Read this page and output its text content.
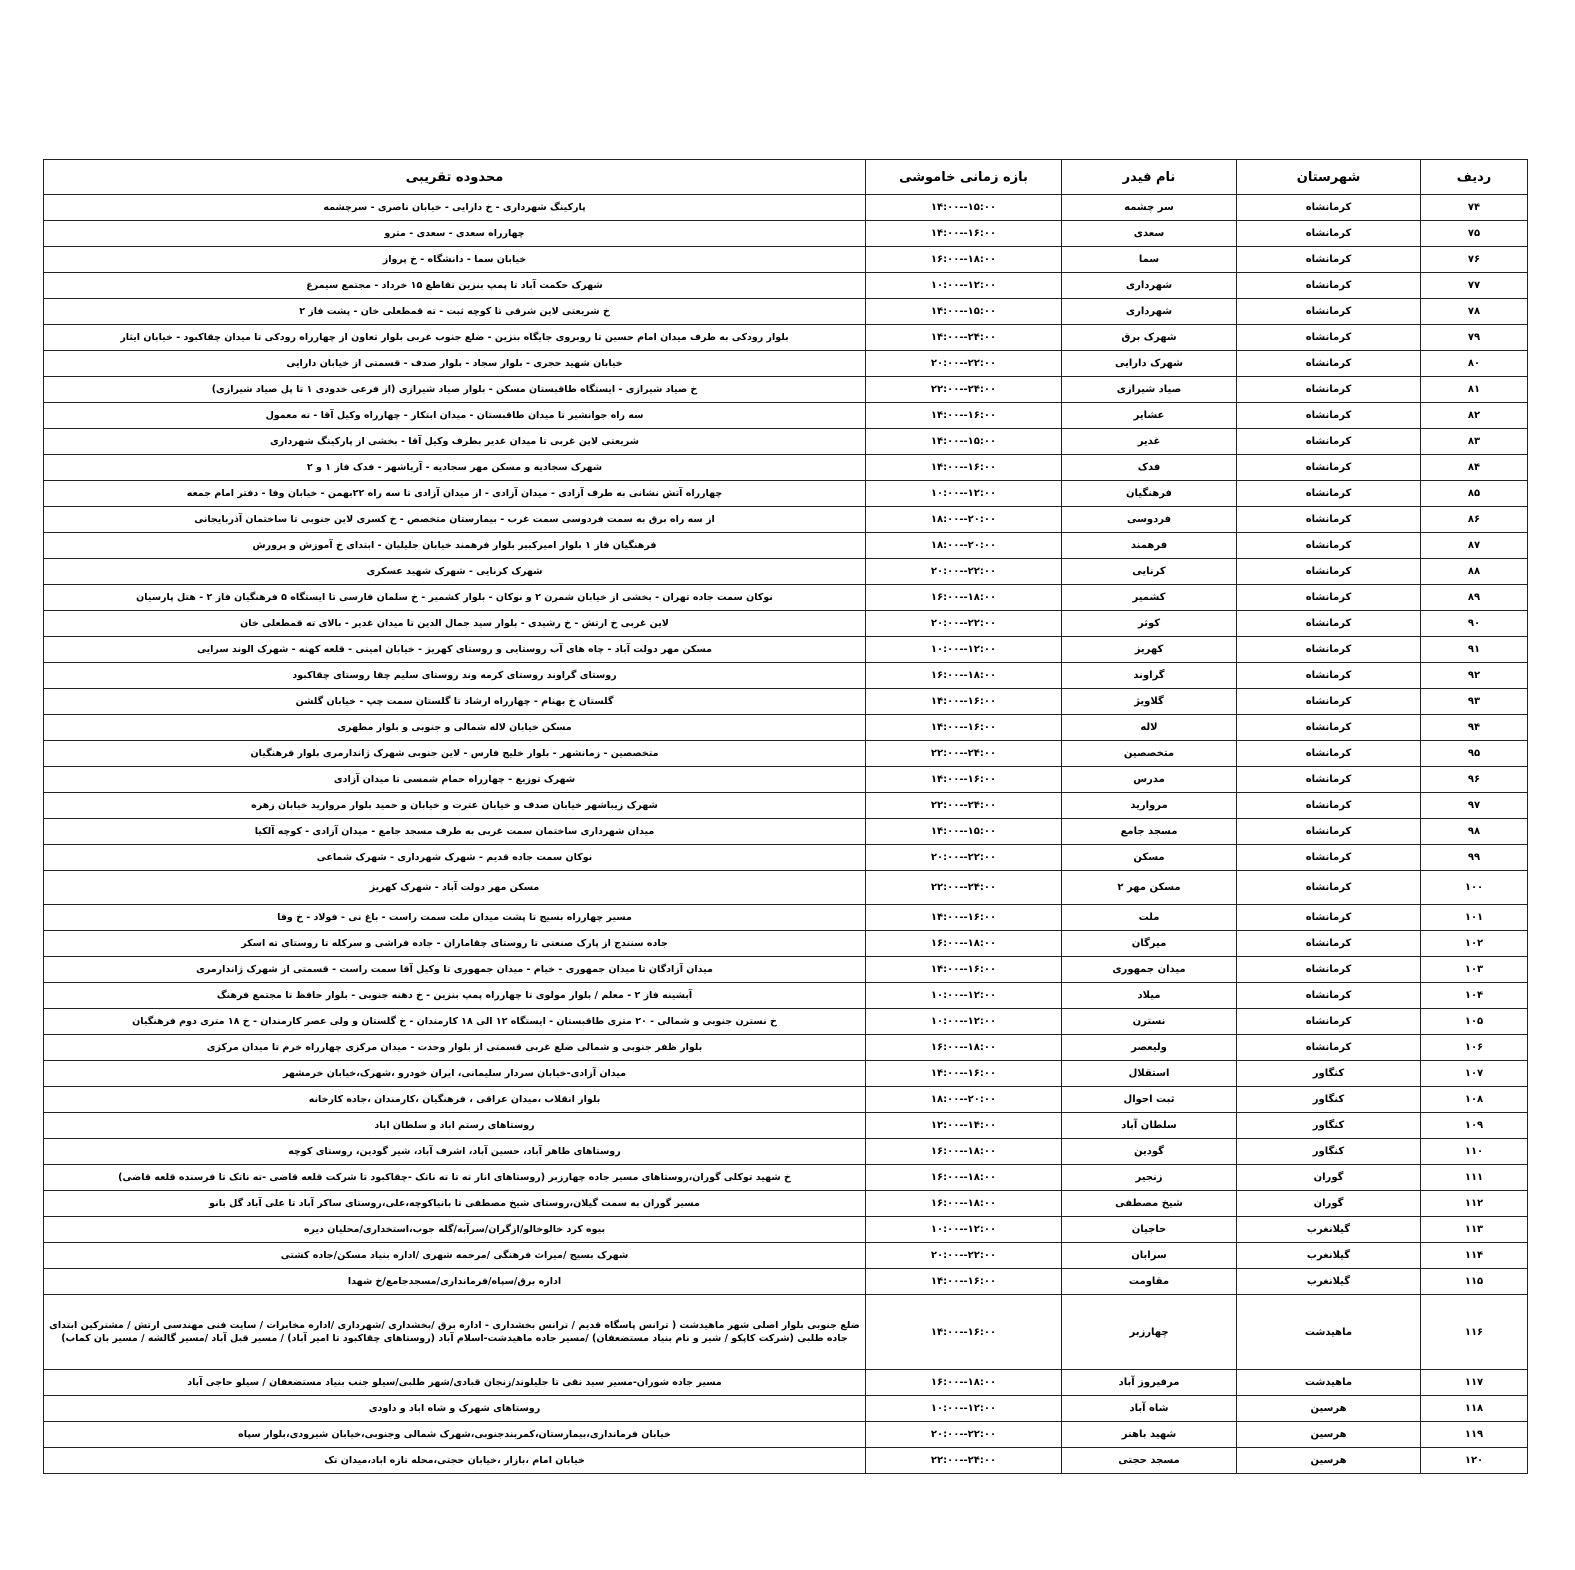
ردیف	شهرستان	نام فیدر	بازه زمانی خاموشی	محدوده تقریبی
۷۴	کرمانشاه	سر چشمه	۱۴:۰۰--۱۵:۰۰	پارکینگ شهرداری - خ دارایی - خیابان ناصری - سرچشمه
۷۵	کرمانشاه	سعدی	۱۴:۰۰--۱۶:۰۰	چهارراه سعدی - سعدی - مترو
۷۶	کرمانشاه	سما	۱۶:۰۰--۱۸:۰۰	خیابان سما - دانشگاه - خ پرواز
۷۷	کرمانشاه	شهرداری	۱۰:۰۰--۱۲:۰۰	شهرک حکمت آباد تا پمپ بنزین تقاطع ۱۵ خرداد - مجتمع سیمرغ
۷۸	کرمانشاه	شهرداری	۱۴:۰۰--۱۵:۰۰	خ شریعتی لاین شرقی تا کوچه ثبت - ته قمطعلی خان - پشت فاز ۲
۷۹	کرمانشاه	شهرک برق	۱۴:۰۰--۲۴:۰۰	بلوار رودکی به طرف میدان امام حسین تا روبروی جایگاه بنزین - ضلع جنوب غربی بلوار تعاون از چهارراه رودکی تا میدان چقاکبود - خیابان ایثار
۸۰	کرمانشاه	شهرک دارایی	۲۰:۰۰--۲۲:۰۰	خیابان شهید حجری - بلوار سجاد - بلوار صدف - قسمتی از خیابان دارایی
۸۱	کرمانشاه	صیاد شیرازی	۲۲:۰۰--۲۴:۰۰	خ صیاد شیرازی - ایستگاه طاقبستان مسکن - بلوار صیاد شیرازی (از فرعی خدودی ۱ تا پل صیاد شیرازی)
۸۲	کرمانشاه	عشایر	۱۴:۰۰--۱۶:۰۰	سه راه جوانشیر تا میدان طاقبستان - میدان ابتکار - چهارراه وکیل آقا - ته معمول
۸۳	کرمانشاه	غدیر	۱۴:۰۰--۱۵:۰۰	شریعتی لاین غربی تا میدان غدیر بطرف وکیل آقا - بخشی از پارکینگ شهرداری
۸۴	کرمانشاه	فدک	۱۴:۰۰--۱۶:۰۰	شهرک سجادیه و مسکن مهر سجادیه - آریاشهر - فدک فاز ۱ و ۲
۸۵	کرمانشاه	فرهنگیان	۱۰:۰۰--۱۲:۰۰	چهارراه آتش نشانی به طرف آزادی - میدان آزادی - از میدان آزادی تا سه راه ۲۲بهمن - خیابان وفا - دفتر امام جمعه
۸۶	کرمانشاه	فردوسی	۱۸:۰۰--۲۰:۰۰	از سه راه برق به سمت فردوسی سمت غرب - بیمارستان متخصص - خ کسری لاین جنوبی تا ساختمان آذربایجانی
۸۷	کرمانشاه	فرهمند	۱۸:۰۰--۲۰:۰۰	فرهنگیان فاز ۱ بلوار امیرکبیر بلوار فرهمند خیابان جلیلیان - ابتدای خ آموزش و پرورش
۸۸	کرمانشاه	کرنایی	۲۰:۰۰--۲۲:۰۰	شهرک کرنایی - شهرک شهید عسکری
۸۹	کرمانشاه	کشمیر	۱۶:۰۰--۱۸:۰۰	نوکان سمت جاده تهران - بخشی از خیابان شمرن ۲ و نوکان - بلوار کشمیر - خ سلمان فارسی تا ایستگاه ۵ فرهنگیان فاز ۲ - هتل پارسیان
۹۰	کرمانشاه	کوثر	۲۰:۰۰--۲۲:۰۰	لاین غربی خ ارتش - خ رشیدی - بلوار سید جمال الدین تا میدان غدیر - بالای ته قمطعلی خان
۹۱	کرمانشاه	کهریز	۱۰:۰۰--۱۲:۰۰	مسکن مهر دولت آباد - چاه های آب روستایی و روستای کهریز - خیابان امینی - قلعه کهنه - شهرک الوند سرایی
۹۲	کرمانشاه	گراوند	۱۶:۰۰--۱۸:۰۰	روستای گراوند روستای کرمه وند روستای سلیم چقا روستای چقاکبود
۹۳	کرمانشاه	گلاویژ	۱۴:۰۰--۱۶:۰۰	گلستان خ بهنام - چهارراه ارشاد تا گلستان سمت چپ - خیابان گلشن
۹۴	کرمانشاه	لاله	۱۴:۰۰--۱۶:۰۰	مسکن خیابان لاله شمالی و جنوبی و بلوار مطهری
۹۵	کرمانشاه	متخصصین	۲۲:۰۰--۲۴:۰۰	متخصصین - زمانشهر - بلوار خلیج فارس - لاین جنوبی شهرک ژاندارمری بلوار فرهنگیان
۹۶	کرمانشاه	مدرس	۱۴:۰۰--۱۶:۰۰	شهرک توزیع - چهارراه حمام شمسی تا میدان آزادی
۹۷	کرمانشاه	مروارید	۲۲:۰۰--۲۴:۰۰	شهرک زیباشهر خیابان صدف و خیابان عترت و خیابان و حمید بلوار مروارید خیابان زهره
۹۸	کرمانشاه	مسجد جامع	۱۴:۰۰--۱۵:۰۰	میدان شهرداری ساختمان سمت غربی به طرف مسجد جامع - میدان آزادی - کوچه آلکیا
۹۹	کرمانشاه	مسکن	۲۰:۰۰--۲۲:۰۰	نوکان سمت جاده قدیم - شهرک شهرداری - شهرک شماعی
۱۰۰	کرمانشاه	مسکن مهر ۲	۲۲:۰۰--۲۴:۰۰	مسکن مهر دولت آباد - شهرک کهریز
۱۰۱	کرمانشاه	ملت	۱۴:۰۰--۱۶:۰۰	مسیر چهارراه بسیج تا پشت میدان ملت سمت راست - باغ نی - فولاد - خ وفا
۱۰۲	کرمانشاه	میرگان	۱۶:۰۰--۱۸:۰۰	جاده سنندج از پارک صنعتی تا روستای چقاماران - جاده فراشی و سرکله تا روستای ته اسکر
۱۰۳	کرمانشاه	میدان جمهوری	۱۴:۰۰--۱۶:۰۰	میدان آزادگان تا میدان جمهوری - خیام - میدان جمهوری تا وکیل آقا سمت راست - قسمتی از شهرک ژاندارمری
۱۰۴	کرمانشاه	میلاد	۱۰:۰۰--۱۲:۰۰	آبشینه فاز ۲ - معلم / بلوار مولوی تا چهارراه پمپ بنزین - خ دهنه جنوبی - بلوار حافظ تا مجتمع فرهنگ
۱۰۵	کرمانشاه	نسترن	۱۰:۰۰--۱۲:۰۰	خ نسترن جنوبی و شمالی - ۲۰ متری طاقبستان - ایستگاه ۱۲ الی ۱۸ کارمندان - خ گلستان و ولی عصر کارمندان - خ ۱۸ متری دوم فرهنگیان
۱۰۶	کرمانشاه	ولیعصر	۱۶:۰۰--۱۸:۰۰	بلوار ظفر جنوبی و شمالی ضلع غربی قسمتی از بلوار وحدت - میدان مرکزی چهارراه خرم تا میدان مرکزی
۱۰۷	کنگاور	استقلال	۱۴:۰۰--۱۶:۰۰	میدان آزادی-خیابان سردار سلیمانی، ایران خودرو ،شهرک،خیابان خرمشهر
۱۰۸	کنگاور	ثبت احوال	۱۸:۰۰--۲۰:۰۰	بلوار انقلاب ،میدان عراقی ، فرهنگیان ،کارمندان ،جاده کارخانه
۱۰۹	کنگاور	سلطان آباد	۱۲:۰۰--۱۴:۰۰	روستاهای رستم اباد و سلطان اباد
۱۱۰	کنگاور	گودین	۱۶:۰۰--۱۸:۰۰	روستاهای طاهر آباد، حسین آباد، اشرف آباد، شیر گودین، روستای کوچه
۱۱۱	گوران	زنجیر	۱۶:۰۰--۱۸:۰۰	خ شهید توکلی گوران،روستاهای مسیر جاده چهارزبر (روستاهای انار ته تا ته ناتک -چقاکبود تا شرکت قلعه قاضی -ته ناتک تا فرسنده قلعه قاضی)
۱۱۲	گوران	شیخ مصطفی	۱۶:۰۰--۱۸:۰۰	مسیر گوران به سمت گیلان،روستای شیخ مصطفی تا بانیاکوچه،علی،روستای ساکر آباد تا علی آباد گل بانو
۱۱۳	گیلانغرب	حاجیان	۱۰:۰۰--۱۲:۰۰	بیوه کرد خالوخالو/ازگران/سرآبه/گله جوب،استخداری/محلیان دیره
۱۱۴	گیلانغرب	سرابان	۲۰:۰۰--۲۲:۰۰	شهرک بسیج /میراث فرهنگی /مرحمه شهری /اداره بنیاد مسکن/جاده کشتی
۱۱۵	گیلانغرب	مقاومت	۱۴:۰۰--۱۶:۰۰	اداره برق/سپاه/فرمانداری/مسجدجامع/خ شهدا
۱۱۶	ماهیدشت	چهارزبر	۱۴:۰۰--۱۶:۰۰	ضلع جنوبی بلوار اصلی شهر ماهیدشت ( ترانس پاسگاه قدیم / ترانس بخشداری - اداره برق /بخشداری /شهرداری /اداره مخابرات / سایت فنی مهندسی ارتش / مشترکین ابتدای جاده طلبی (شرکت کاپکو / شیر و نام بنیاد مستضعفان) /مسیر جاده ماهیدشت-اسلام آباد (روستاهای چقاکبود تا امیر آباد) / مسیر قبل آباد /مسیر گالشه / مسیر بان کماب)
۱۱۷	ماهیدشت	مرفیروز آباد	۱۶:۰۰--۱۸:۰۰	مسیر جاده شوران-مسیر سید نقی تا جلیلوند/زنجان قبادی/شهر طلبی/سیلو جنب بنیاد مستضعفان / سیلو حاجی آباد
۱۱۸	هرسین	شاه آباد	۱۰:۰۰--۱۲:۰۰	روستاهای شهرک و شاه اباد و داودی
۱۱۹	هرسین	شهید باهنر	۲۰:۰۰--۲۲:۰۰	خیابان فرمانداری،بیمارستان،کمربندجنوبی،شهرک شمالی وجنوبی،خیابان شیرودی،بلوار سپاه
۱۲۰	هرسین	مسجد حجتی	۲۲:۰۰--۲۴:۰۰	خیابان امام ،بازار ،خیابان حجتی،محله تازه اباد،میدان تک
